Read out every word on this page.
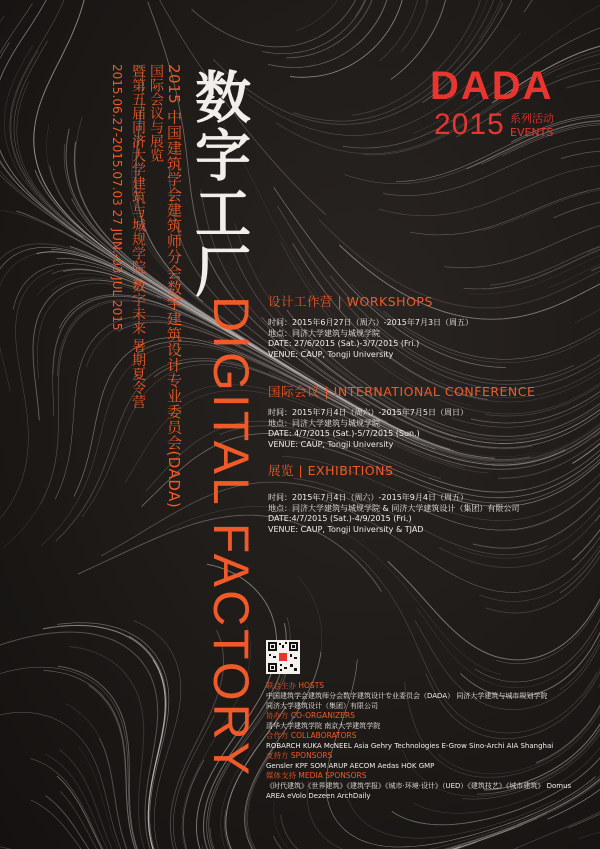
DADA
2015 系列活动
EVENTS
数字工厂
DIGITAL FACTORY
2015 中国建筑学会建筑师分会数字建筑设计专业委员会(DADA)
国际会议与展览
暨第五届同济大学建筑与城规学院 数字未来 暑期夏令营
2015.06.27-2015.07.03 27 JUN.-03 JUL 2015	设计工作营 | WORKSHOPS
时间：2015年6月27日（周六）-2015年7月3日（周五）
地点：同济大学建筑与城规学院
DATE: 27/6/2015 (Sat.)-3/7/2015 (Fri.)
VENUE: CAUP, Tongji University
国际会议 | INTERNATIONAL CONFERENCE
时间：2015年7月4日（周六）-2015年7月5日（周日）
地点：同济大学建筑与城规学院
DATE: 4/7/2015 (Sat.)-5/7/2015 (Sun.)
VENUE: CAUP, Tongji University
展览 | EXHIBITIONS
时间：2015年7月4日（周六）-2015年9月4日（周五）
地点：同济大学建筑与城规学院 & 同济大学建筑设计（集团）有限公司
DATE:4/7/2015 (Sat.)-4/9/2015 (Fri.)
VENUE: CAUP, Tongji University & TJAD
联合主办 HOSTS
中国建筑学会建筑师分会数字建筑设计专业委员会（DADA） 同济大学建筑与城市规划学院
同济大学建筑设计（集团）有限公司
协办方 CO-ORGANIZERS
清华大学建筑学院 南京大学建筑学院
合作方 COLLABORATORS
ROBARCH KUKA McNEEL Asia Gehry Technologies E-Grow Sino-Archi AIA Shanghai
支持方 SPONSORS
Gensler KPF SOM ARUP AECOM Aedas HOK GMP
媒体支持 MEDIA SPONSORS
《时代建筑》《世界建筑》《建筑学报》《城市·环境·设计》（UED）《建筑技艺》《城市建筑》 Domus
AREA eVolo Dezeen ArchDaily
